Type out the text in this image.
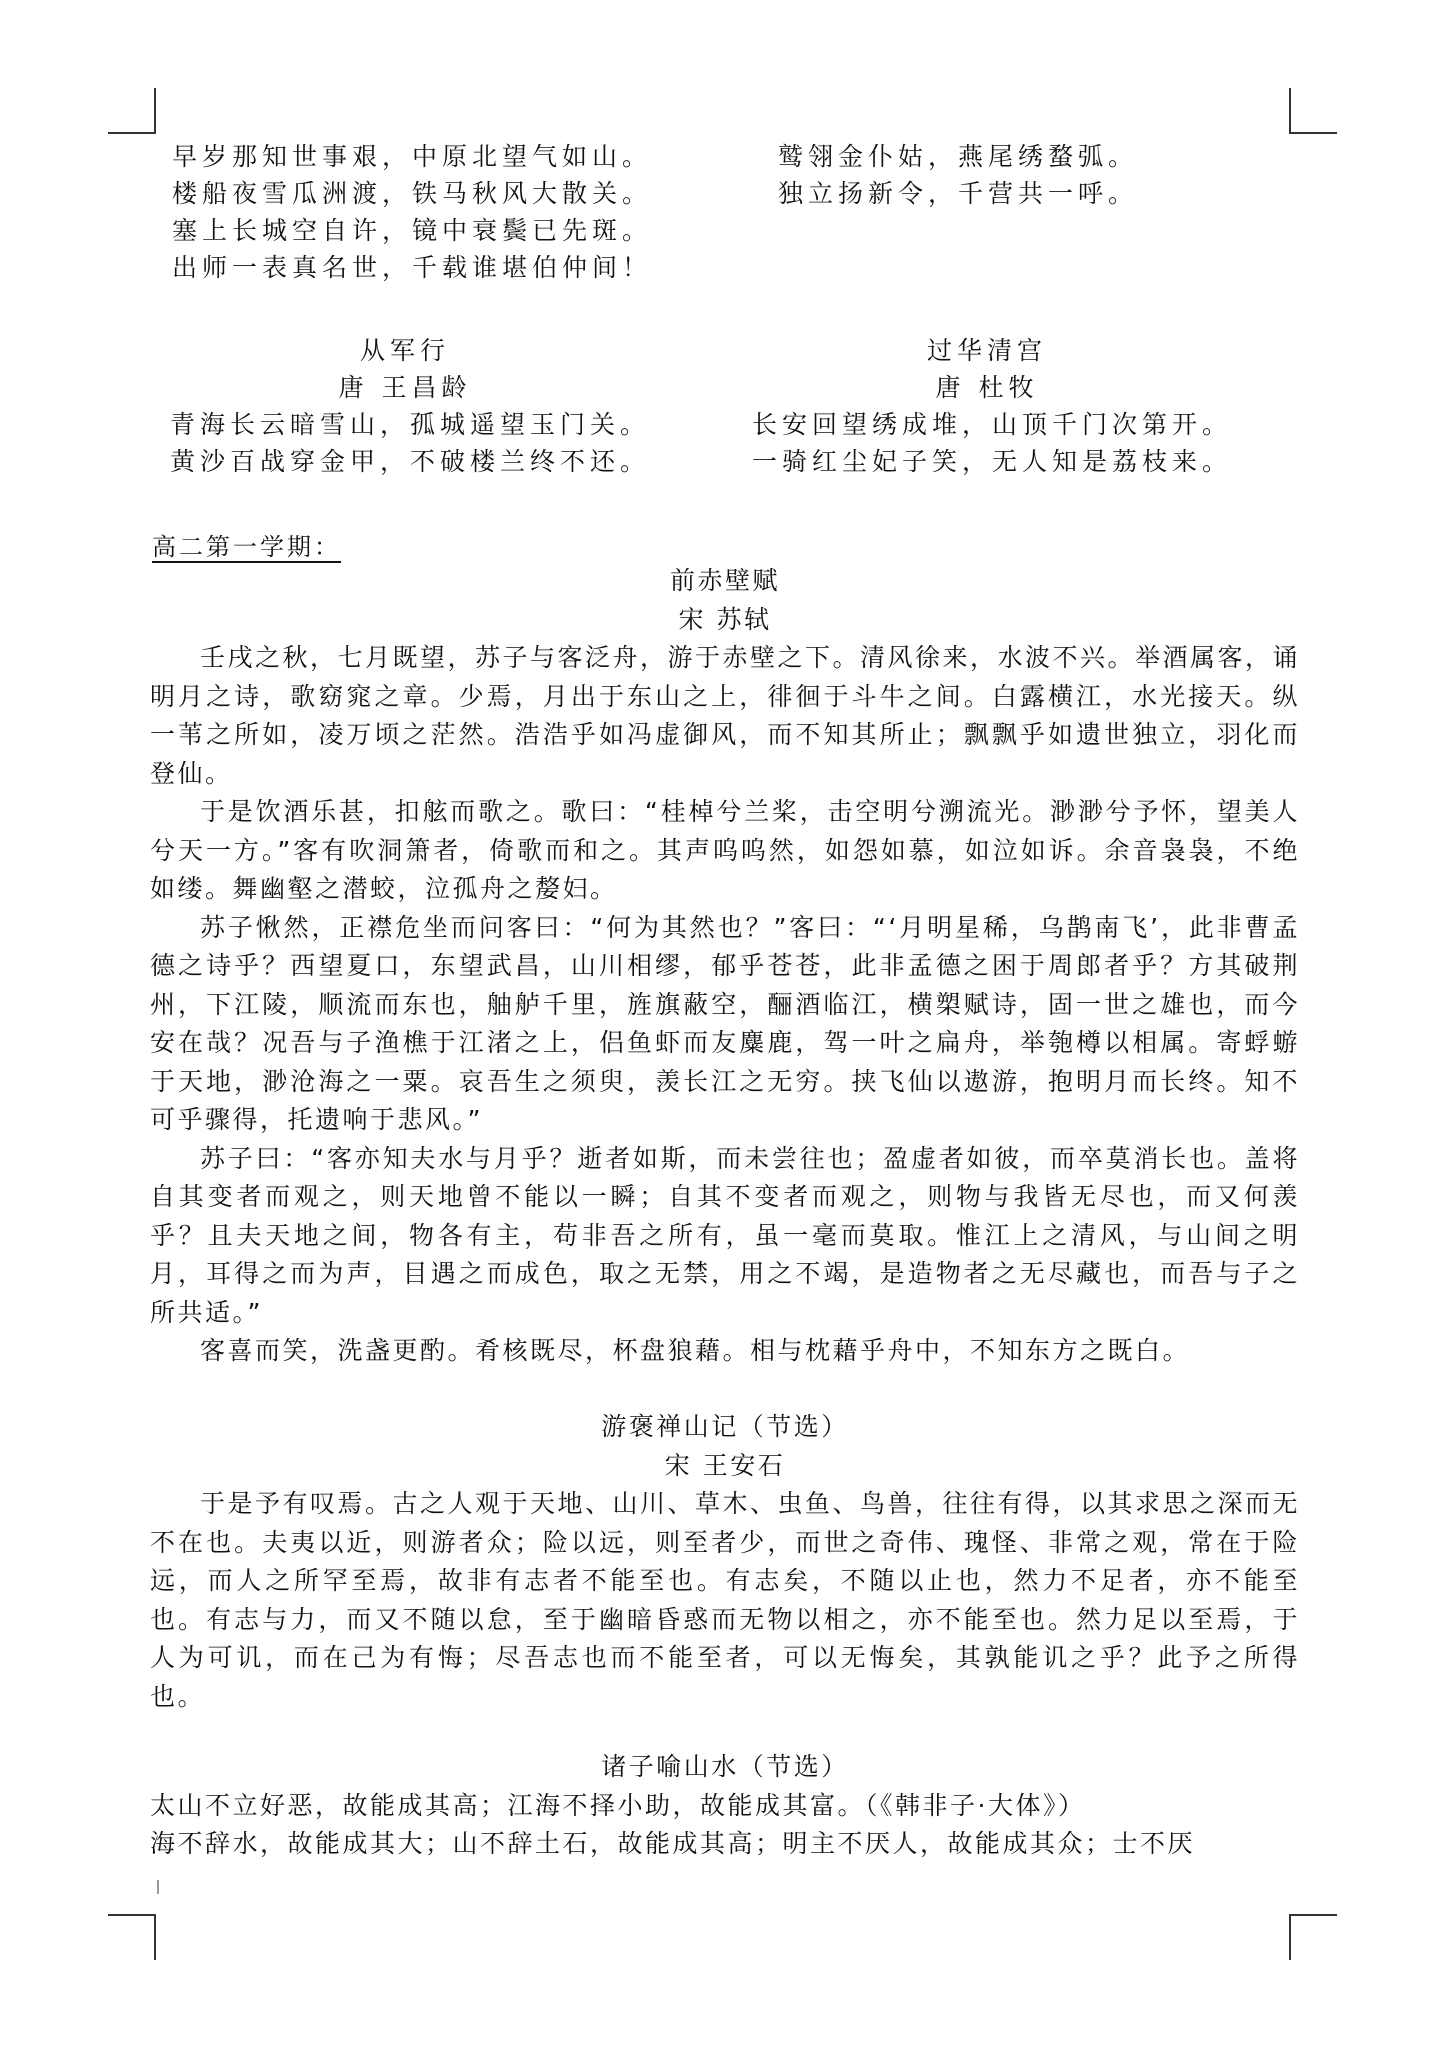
早岁那知世事艰，中原北望气如山。
楼船夜雪瓜洲渡，铁马秋风大散关。
塞上长城空自许，镜中衰鬓已先斑。
出师一表真名世，千载谁堪伯仲间！
鹫翎金仆姑，燕尾绣蝥弧。
独立扬新令，千营共一呼。
从军行
唐 王昌龄
青海长云暗雪山，孤城遥望玉门关。
黄沙百战穿金甲，不破楼兰终不还。
过华清宫
唐 杜牧
长安回望绣成堆，山顶千门次第开。
一骑红尘妃子笑，无人知是荔枝来。
高二第一学期：
前赤壁赋
宋 苏轼

壬戌之秋，七月既望，苏子与客泛舟，游于赤壁之下。清风徐来，水波不兴。举酒属客，诵明月之诗，歌窈窕之章。少焉，月出于东山之上，徘徊于斗牛之间。白露横江，水光接天。纵一苇之所如，凌万顷之茫然。浩浩乎如冯虚御风，而不知其所止；飘飘乎如遗世独立，羽化而登仙。

于是饮酒乐甚，扣舷而歌之。歌曰：“桂棹兮兰桨，击空明兮溯流光。渺渺兮予怀，望美人兮天一方。”客有吹洞箫者，倚歌而和之。其声呜呜然，如怨如慕，如泣如诉。余音袅袅，不绝如缕。舞幽壑之潜蛟，泣孤舟之嫠妇。

苏子愀然，正襟危坐而问客曰：“何为其然也？”客曰：“‘月明星稀，乌鹊南飞’，此非曹孟德之诗乎？西望夏口，东望武昌，山川相缪，郁乎苍苍，此非孟德之困于周郎者乎？方其破荆州，下江陵，顺流而东也，舳舻千里，旌旗蔽空，酾酒临江，横槊赋诗，固一世之雄也，而今安在哉？况吾与子渔樵于江渚之上，侣鱼虾而友麋鹿，驾一叶之扁舟，举匏樽以相属。寄蜉蝣于天地，渺沧海之一粟。哀吾生之须臾，羡长江之无穷。挟飞仙以遨游，抱明月而长终。知不可乎骤得，托遗响于悲风。”

苏子曰：“客亦知夫水与月乎？逝者如斯，而未尝往也；盈虚者如彼，而卒莫消长也。盖将自其变者而观之，则天地曾不能以一瞬；自其不变者而观之，则物与我皆无尽也，而又何羡乎？且夫天地之间，物各有主，苟非吾之所有，虽一毫而莫取。惟江上之清风，与山间之明月，耳得之而为声，目遇之而成色，取之无禁，用之不竭，是造物者之无尽藏也，而吾与子之所共适。”

客喜而笑，洗盏更酌。肴核既尽，杯盘狼藉。相与枕藉乎舟中，不知东方之既白。

游褒禅山记（节选）
宋 王安石

于是予有叹焉。古之人观于天地、山川、草木、虫鱼、鸟兽，往往有得，以其求思之深而无不在也。夫夷以近，则游者众；险以远，则至者少，而世之奇伟、瑰怪、非常之观，常在于险远，而人之所罕至焉，故非有志者不能至也。有志矣，不随以止也，然力不足者，亦不能至也。有志与力，而又不随以怠，至于幽暗昏惑而无物以相之，亦不能至也。然力足以至焉，于人为可讥，而在己为有悔；尽吾志也而不能至者，可以无悔矣，其孰能讥之乎？此予之所得也。

诸子喻山水（节选）

太山不立好恶，故能成其高；江海不择小助，故能成其富。（《韩非子·大体》）

海不辞水，故能成其大；山不辞土石，故能成其高；明主不厌人，故能成其众；士不厌
